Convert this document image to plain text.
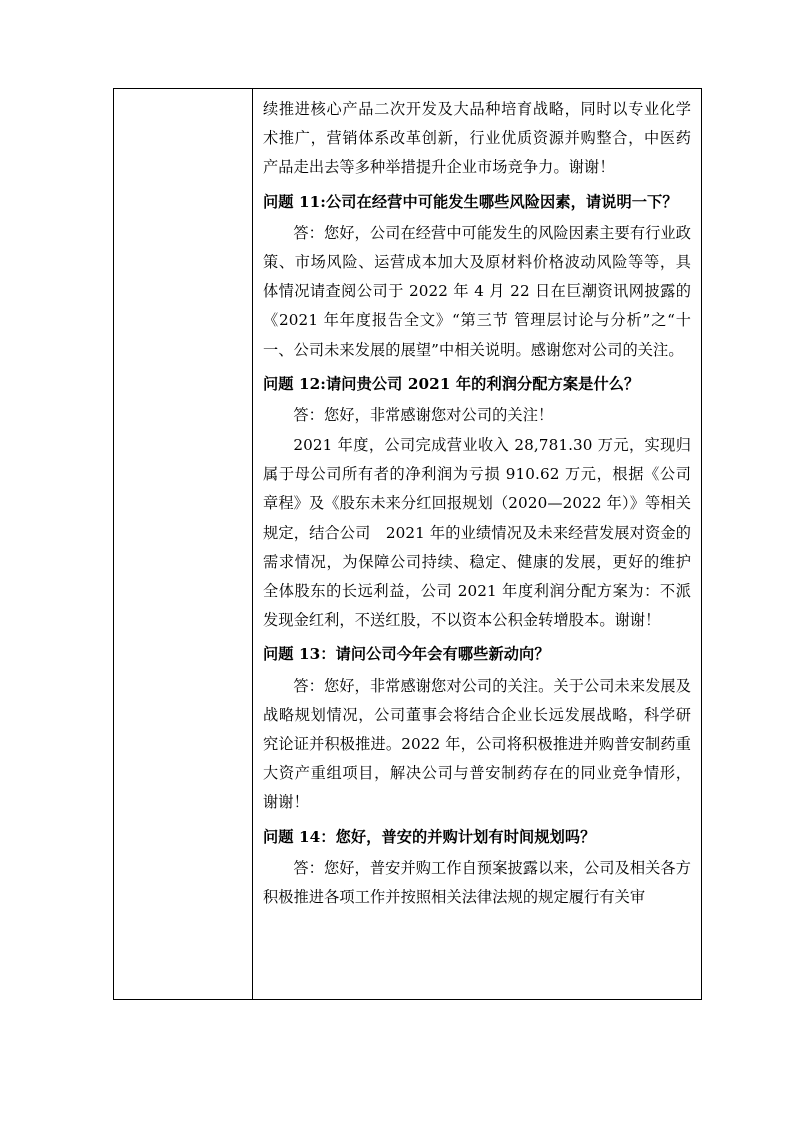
续推进核心产品二次开发及大品种培育战略，同时以专业化学术推广，营销体系改革创新，行业优质资源并购整合，中医药产品走出去等多种举措提升企业市场竞争力。谢谢！

问题 11:公司在经营中可能发生哪些风险因素，请说明一下？

答：您好，公司在经营中可能发生的风险因素主要有行业政策、市场风险、运营成本加大及原材料价格波动风险等等，具体情况请查阅公司于 2022 年 4 月 22 日在巨潮资讯网披露的《2021 年年度报告全文》“第三节 管理层讨论与分析”之“十一、公司未来发展的展望”中相关说明。感谢您对公司的关注。

问题 12:请问贵公司 2021 年的利润分配方案是什么？

答：您好，非常感谢您对公司的关注！

2021 年度，公司完成营业收入 28,781.30 万元，实现归属于母公司所有者的净利润为亏损 910.62 万元，根据《公司章程》及《股东未来分红回报规划（2020—2022 年）》等相关规定，结合公司　2021 年的业绩情况及未来经营发展对资金的需求情况，为保障公司持续、稳定、健康的发展，更好的维护全体股东的长远利益，公司 2021 年度利润分配方案为：不派发现金红利，不送红股，不以资本公积金转增股本。谢谢！

问题 13：请问公司今年会有哪些新动向？

答：您好，非常感谢您对公司的关注。关于公司未来发展及战略规划情况，公司董事会将结合企业长远发展战略，科学研究论证并积极推进。2022 年，公司将积极推进并购普安制药重大资产重组项目，解决公司与普安制药存在的同业竞争情形，谢谢！

问题 14：您好，普安的并购计划有时间规划吗？

答：您好，普安并购工作自预案披露以来，公司及相关各方积极推进各项工作并按照相关法律法规的规定履行有关审
